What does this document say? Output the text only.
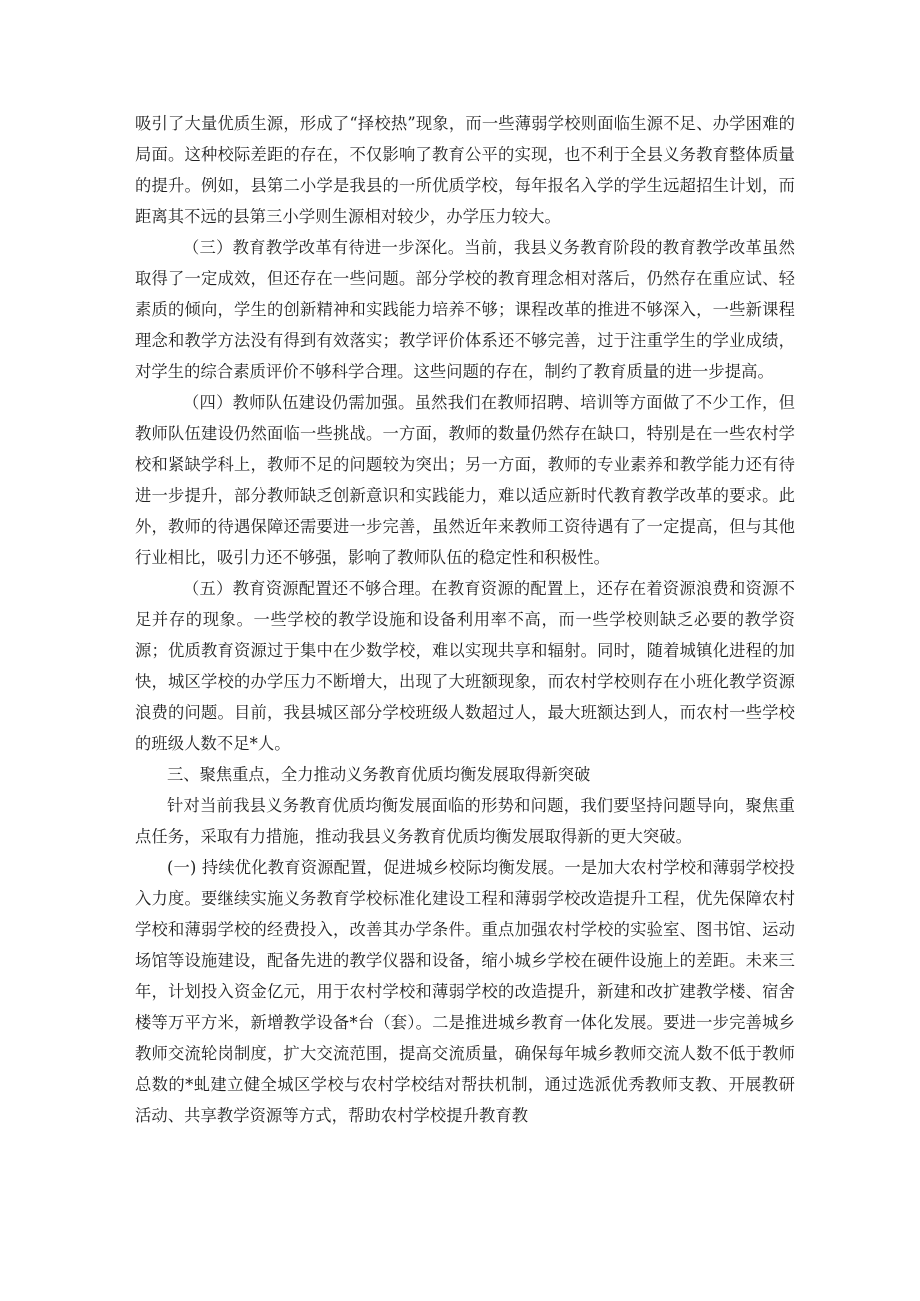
吸引了大量优质生源，形成了“择校热”现象，而一些薄弱学校则面临生源不足、办学困难的局面。这种校际差距的存在，不仅影响了教育公平的实现，也不利于全县义务教育整体质量的提升。例如，县第二小学是我县的一所优质学校，每年报名入学的学生远超招生计划，而距离其不远的县第三小学则生源相对较少，办学压力较大。

（三）教育教学改革有待进一步深化。当前，我县义务教育阶段的教育教学改革虽然取得了一定成效，但还存在一些问题。部分学校的教育理念相对落后，仍然存在重应试、轻素质的倾向，学生的创新精神和实践能力培养不够；课程改革的推进不够深入，一些新课程理念和教学方法没有得到有效落实；教学评价体系还不够完善，过于注重学生的学业成绩，对学生的综合素质评价不够科学合理。这些问题的存在，制约了教育质量的进一步提高。

（四）教师队伍建设仍需加强。虽然我们在教师招聘、培训等方面做了不少工作，但教师队伍建设仍然面临一些挑战。一方面，教师的数量仍然存在缺口，特别是在一些农村学校和紧缺学科上，教师不足的问题较为突出；另一方面，教师的专业素养和教学能力还有待进一步提升，部分教师缺乏创新意识和实践能力，难以适应新时代教育教学改革的要求。此外，教师的待遇保障还需要进一步完善，虽然近年来教师工资待遇有了一定提高，但与其他行业相比，吸引力还不够强，影响了教师队伍的稳定性和积极性。

（五）教育资源配置还不够合理。在教育资源的配置上，还存在着资源浪费和资源不足并存的现象。一些学校的教学设施和设备利用率不高，而一些学校则缺乏必要的教学资源；优质教育资源过于集中在少数学校，难以实现共享和辐射。同时，随着城镇化进程的加快，城区学校的办学压力不断增大，出现了大班额现象，而农村学校则存在小班化教学资源浪费的问题。目前，我县城区部分学校班级人数超过人，最大班额达到人，而农村一些学校的班级人数不足*人。

三、聚焦重点，全力推动义务教育优质均衡发展取得新突破

针对当前我县义务教育优质均衡发展面临的形势和问题，我们要坚持问题导向，聚焦重点任务，采取有力措施，推动我县义务教育优质均衡发展取得新的更大突破。

(一) 持续优化教育资源配置，促进城乡校际均衡发展。一是加大农村学校和薄弱学校投入力度。要继续实施义务教育学校标准化建设工程和薄弱学校改造提升工程，优先保障农村学校和薄弱学校的经费投入，改善其办学条件。重点加强农村学校的实验室、图书馆、运动场馆等设施建设，配备先进的教学仪器和设备，缩小城乡学校在硬件设施上的差距。未来三年，计划投入资金亿元，用于农村学校和薄弱学校的改造提升，新建和改扩建教学楼、宿舍楼等万平方米，新增教学设备*台（套）。二是推进城乡教育一体化发展。要进一步完善城乡教师交流轮岗制度，扩大交流范围，提高交流质量，确保每年城乡教师交流人数不低于教师总数的*虬建立健全城区学校与农村学校结对帮扶机制，通过选派优秀教师支教、开展教研活动、共享教学资源等方式，帮助农村学校提升教育教
